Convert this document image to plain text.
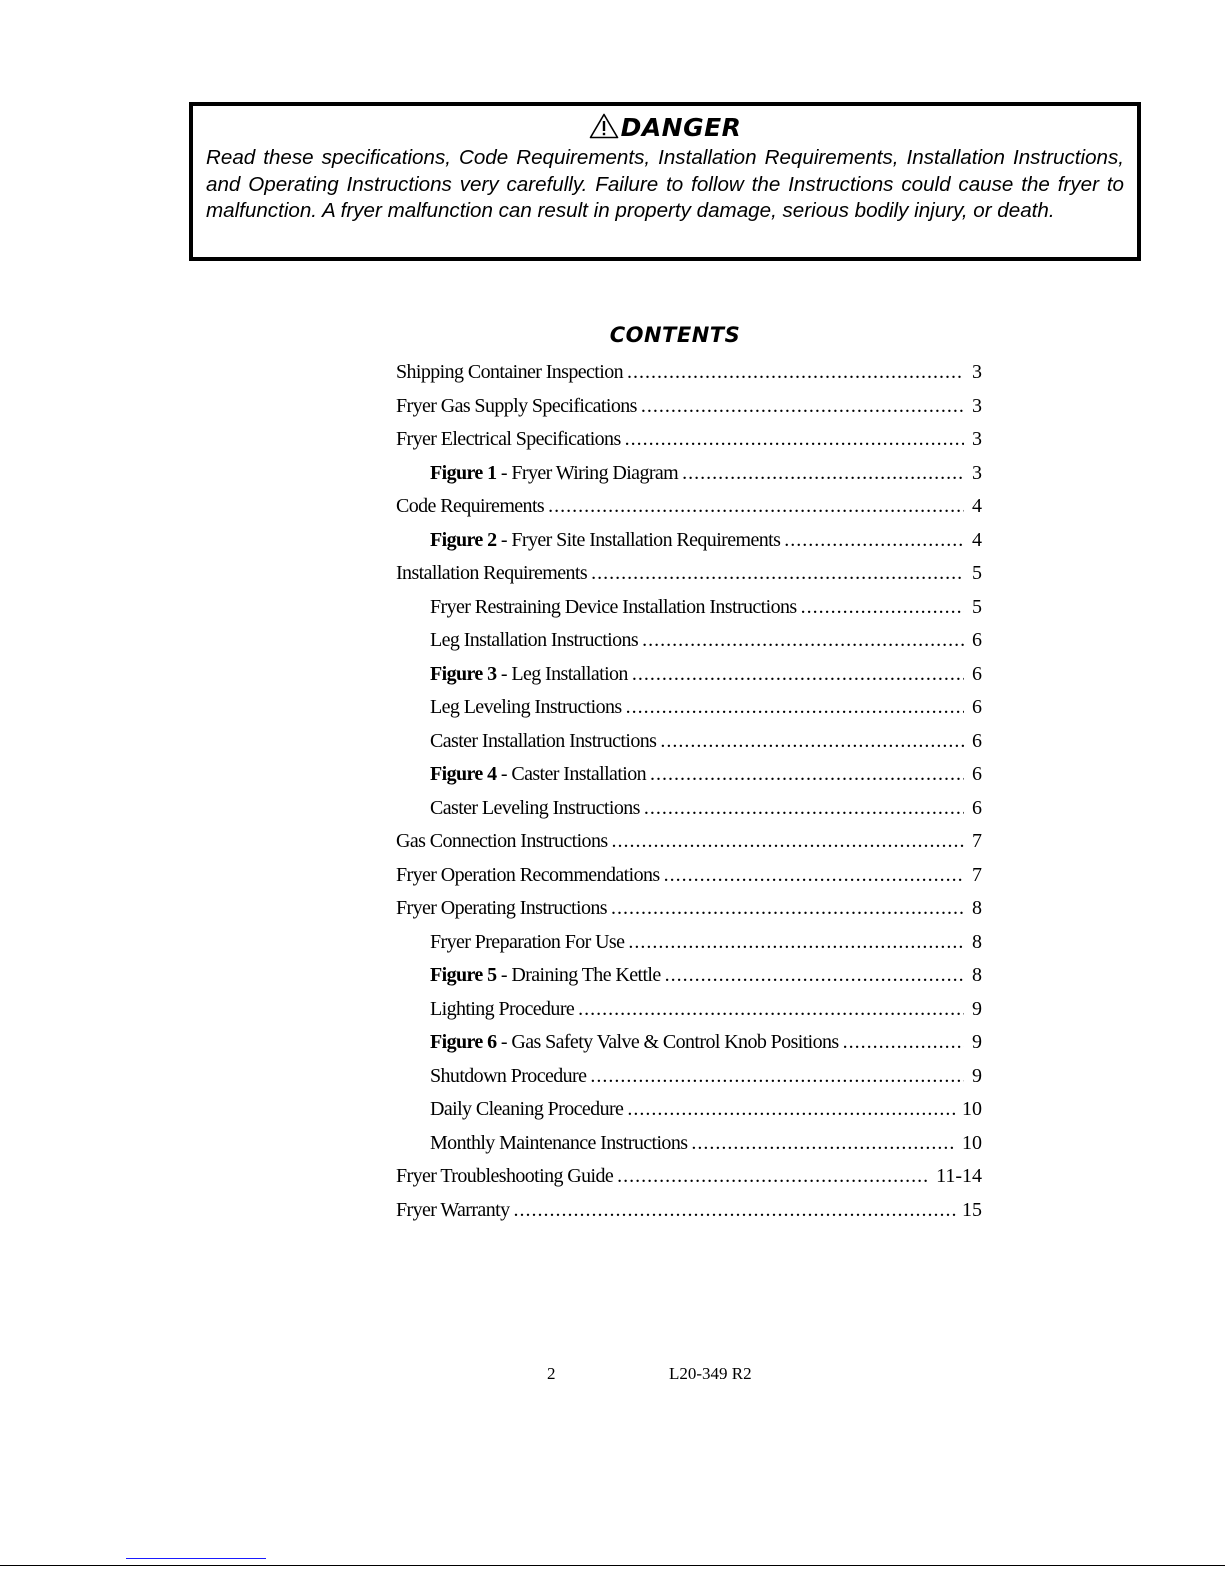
DANGER

Read these specifications, Code Requirements, Installation Requirements, Installation Instructions, and Operating Instructions very carefully. Failure to follow the Instructions could cause the fryer to malfunction. A fryer malfunction can result in property damage, serious bodily injury, or death.

CONTENTS
Shipping Container Inspection .....	3
Fryer Gas Supply Specifications .....	3
Fryer Electrical Specifications .....	3
Figure 1 - Fryer Wiring Diagram .....	3
Code Requirements .....	4
Figure 2 - Fryer Site Installation Requirements .....	4
Installation Requirements .....	5
Fryer Restraining Device Installation Instructions .....	5
Leg Installation Instructions .....	6
Figure 3 - Leg Installation .....	6
Leg Leveling Instructions .....	6
Caster Installation Instructions .....	6
Figure 4 - Caster Installation .....	6
Caster Leveling Instructions .....	6
Gas Connection Instructions .....	7
Fryer Operation Recommendations .....	7
Fryer Operating Instructions .....	8
Fryer Preparation For Use .....	8
Figure 5 - Draining The Kettle .....	8
Lighting Procedure .....	9
Figure 6 - Gas Safety Valve & Control Knob Positions .....	9
Shutdown Procedure .....	9
Daily Cleaning Procedure .....	10
Monthly Maintenance Instructions .....	10
Fryer Troubleshooting Guide .....	11-14
Fryer Warranty .....	15
2	L20-349 R2
